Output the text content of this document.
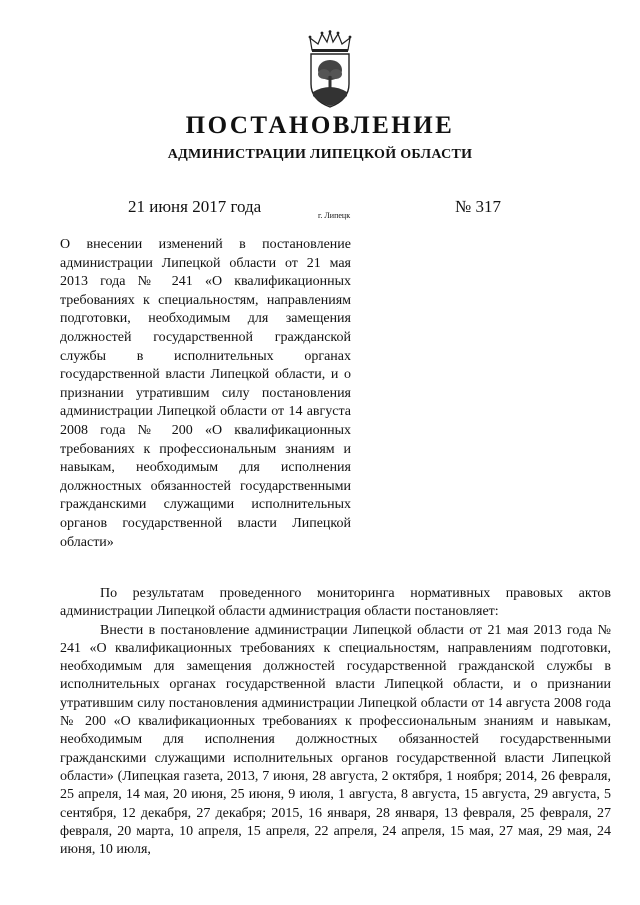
ПОСТАНОВЛЕНИЕ
АДМИНИСТРАЦИИ ЛИПЕЦКОЙ ОБЛАСТИ
21 июня 2017 года	г. Липецк	№ 317
О внесении изменений в постановление администрации Липецкой области от 21 мая 2013 года № 241 «О квалификационных требованиях к специальностям, направлениям подготовки, необходимым для замещения должностей государственной гражданской службы в исполнительных органах государственной власти Липецкой области, и о признании утратившим силу постановления администрации Липецкой области от 14 августа 2008 года № 200 «О квалификационных требованиях к профессиональным знаниям и навыкам, необходимым для исполнения должностных обязанностей государственными гражданскими служащими исполнительных органов государственной власти Липецкой области»

По результатам проведенного мониторинга нормативных правовых актов администрации Липецкой области администрация области постановляет:

Внести в постановление администрации Липецкой области от 21 мая 2013 года № 241 «О квалификационных требованиях к специальностям, направлениям подготовки, необходимым для замещения должностей государственной гражданской службы в исполнительных органах государственной власти Липецкой области, и о признании утратившим силу постановления администрации Липецкой области от 14 августа 2008 года № 200 «О квалификационных требованиях к профессиональным знаниям и навыкам, необходимым для исполнения должностных обязанностей государственными гражданскими служащими исполнительных органов государственной власти Липецкой области» (Липецкая газета, 2013, 7 июня, 28 августа, 2 октября, 1 ноября; 2014, 26 февраля, 25 апреля, 14 мая, 20 июня, 25 июня, 9 июля, 1 августа, 8 августа, 15 августа, 29 августа, 5 сентября, 12 декабря, 27 декабря; 2015, 16 января, 28 января, 13 февраля, 25 февраля, 27 февраля, 20 марта, 10 апреля, 15 апреля, 22 апреля, 24 апреля, 15 мая, 27 мая, 29 мая, 24 июня, 10 июля,
